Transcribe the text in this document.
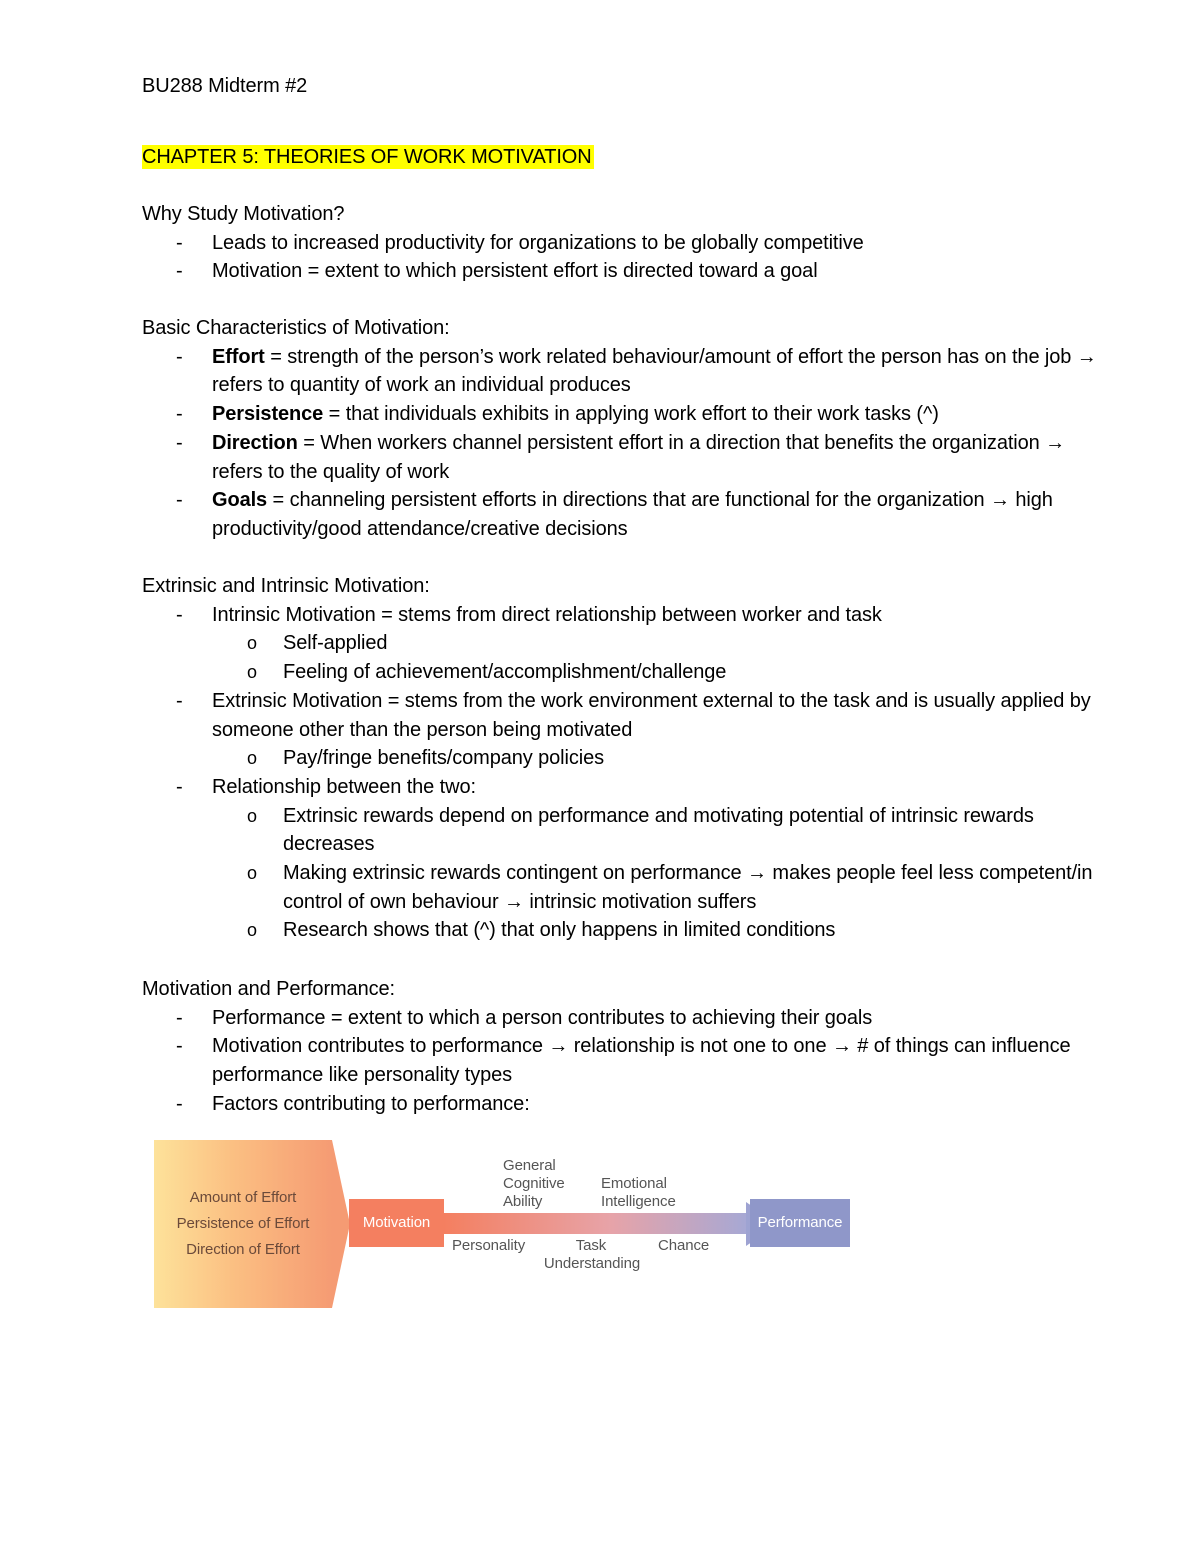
BU288 Midterm #2
CHAPTER 5: THEORIES OF WORK MOTIVATION
Why Study Motivation?
- Leads to increased productivity for organizations to be globally competitive
- Motivation = extent to which persistent effort is directed toward a goal
Basic Characteristics of Motivation:
- Effort = strength of the person’s work related behaviour/amount of effort the person has on the job → refers to quantity of work an individual produces
- Persistence = that individuals exhibits in applying work effort to their work tasks (^)
- Direction = When workers channel persistent effort in a direction that benefits the organization → refers to the quality of work
- Goals = channeling persistent efforts in directions that are functional for the organization → high productivity/good attendance/creative decisions
Extrinsic and Intrinsic Motivation:
- Intrinsic Motivation = stems from direct relationship between worker and task
o Self-applied
o Feeling of achievement/accomplishment/challenge
- Extrinsic Motivation = stems from the work environment external to the task and is usually applied by someone other than the person being motivated
o Pay/fringe benefits/company policies
- Relationship between the two:
o Extrinsic rewards depend on performance and motivating potential of intrinsic rewards decreases
o Making extrinsic rewards contingent on performance → makes people feel less competent/in control of own behaviour → intrinsic motivation suffers
o Research shows that (^) that only happens in limited conditions
Motivation and Performance:
- Performance = extent to which a person contributes to achieving their goals
- Motivation contributes to performance → relationship is not one to one → # of things can influence performance like personality types
- Factors contributing to performance:
Amount of Effort
Persistence of Effort
Direction of Effort
Motivation	Performance
General
Cognitive
Ability
Emotional
Intelligence
Personality	Task
Understanding
Chance
